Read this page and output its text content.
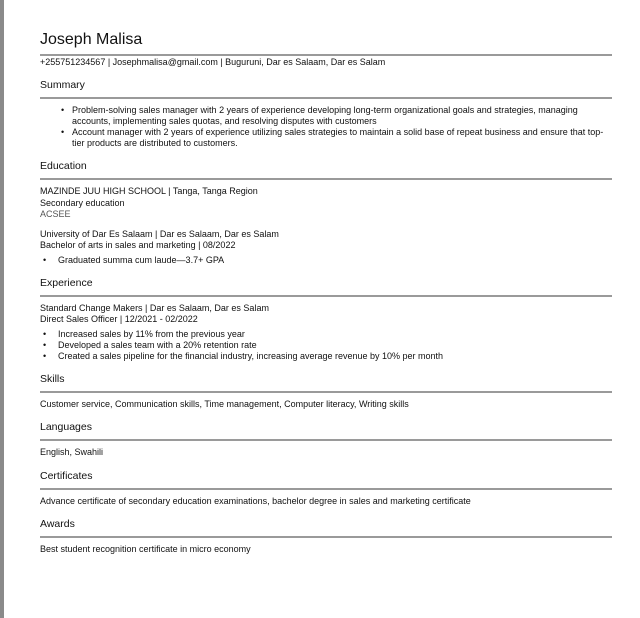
Joseph Malisa
+255751234567 | Josephmalisa@gmail.com | Buguruni, Dar es Salaam, Dar es Salam
Summary
• Problem-solving sales manager with 2 years of experience developing long-term organizational goals and strategies, managing accounts, implementing sales quotas, and resolving disputes with customers
• Account manager with 2 years of experience utilizing sales strategies to maintain a solid base of repeat business and ensure that top-tier products are distributed to customers.
Education
MAZINDE JUU HIGH SCHOOL | Tanga, Tanga Region
Secondary education
ACSEE
University of Dar Es Salaam | Dar es Salaam, Dar es Salam
Bachelor of arts in sales and marketing | 08/2022
• Graduated summa cum laude—3.7+ GPA
Experience
Standard Change Makers | Dar es Salaam, Dar es Salam
Direct Sales Officer | 12/2021 - 02/2022
• Increased sales by 11% from the previous year
• Developed a sales team with a 20% retention rate
• Created a sales pipeline for the financial industry, increasing average revenue by 10% per month
Skills
Customer service, Communication skills, Time management, Computer literacy, Writing skills
Languages
English, Swahili
Certificates
Advance certificate of secondary education examinations, bachelor degree in sales and marketing certificate
Awards
Best student recognition certificate in micro economy
